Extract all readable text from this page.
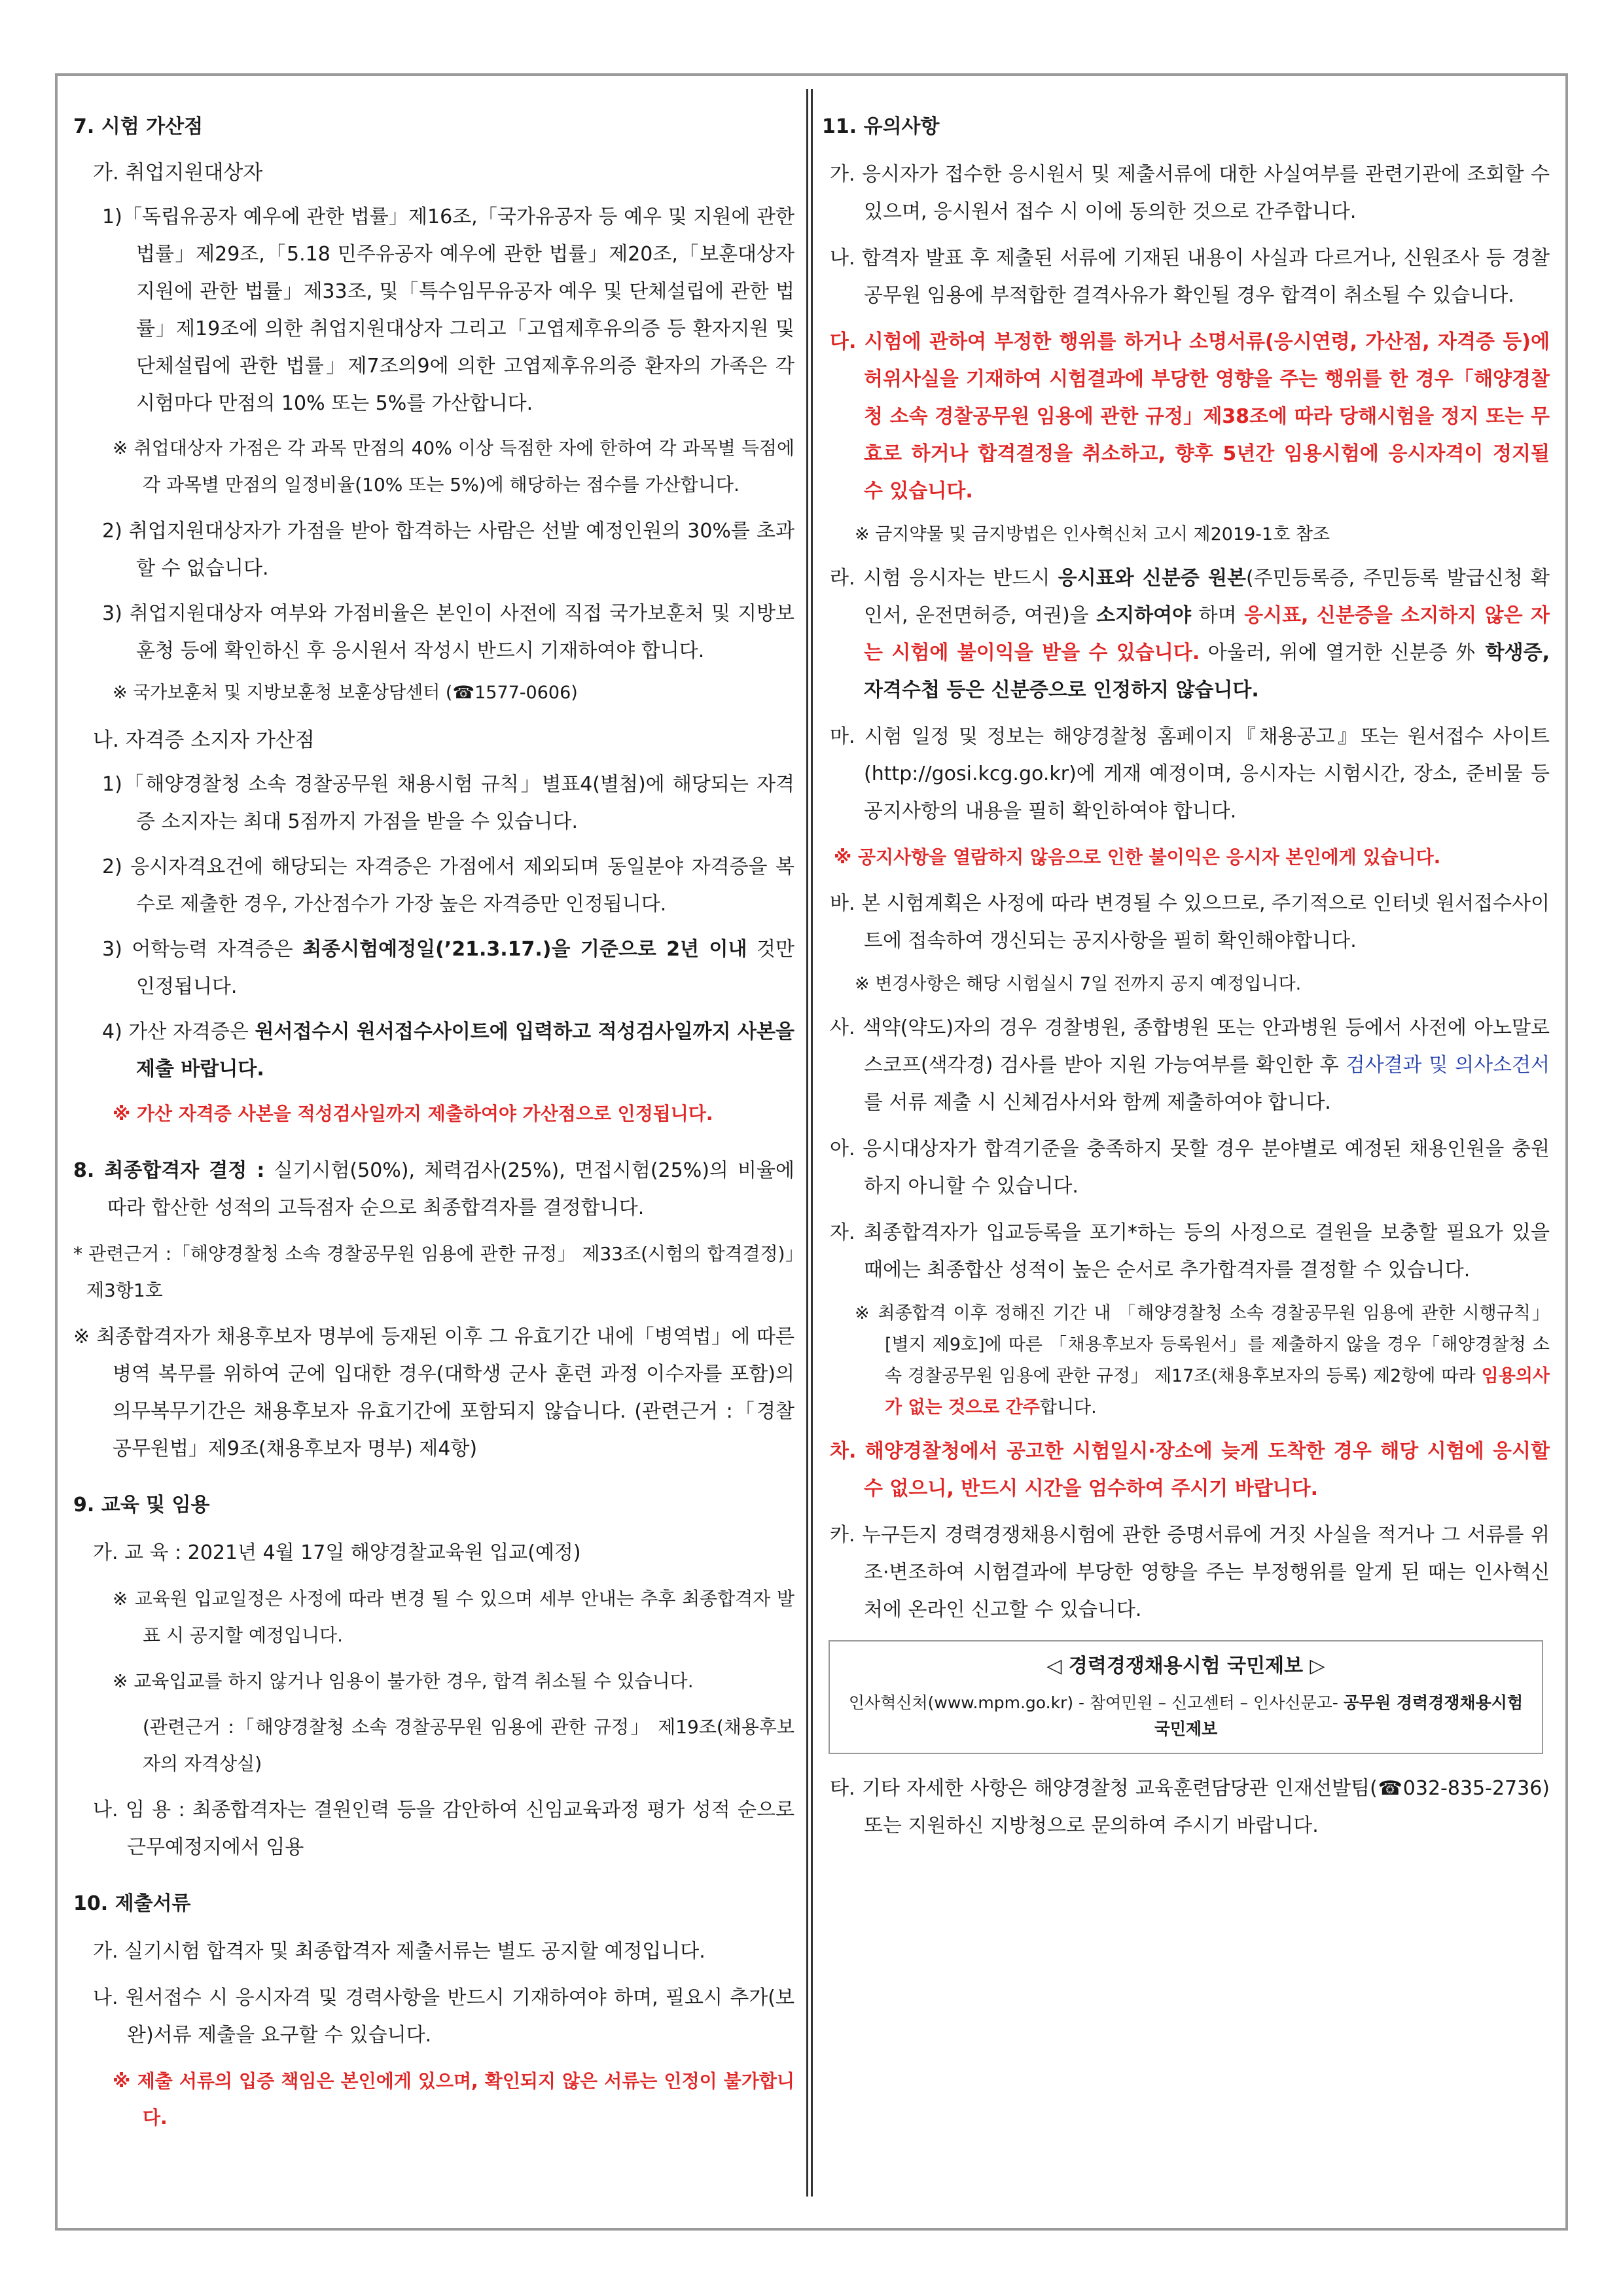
7. 시험 가산점
가. 취업지원대상자
1)「독립유공자 예우에 관한 법률」제16조,「국가유공자 등 예우 및 지원에 관한 법률」제29조,「5.18 민주유공자 예우에 관한 법률」제20조,「보훈대상자지원에 관한 법률」제33조, 및「특수임무유공자 예우 및 단체설립에 관한 법률」제19조에 의한 취업지원대상자 그리고「고엽제후유의증 등 환자지원 및 단체설립에 관한 법률」제7조의9에 의한 고엽제후유의증 환자의 가족은 각 시험마다 만점의 10% 또는 5%를 가산합니다.
※ 취업대상자 가점은 각 과목 만점의 40% 이상 득점한 자에 한하여 각 과목별 득점에 각 과목별 만점의 일정비율(10% 또는 5%)에 해당하는 점수를 가산합니다.
2) 취업지원대상자가 가점을 받아 합격하는 사람은 선발 예정인원의 30%를 초과할 수 없습니다.
3) 취업지원대상자 여부와 가점비율은 본인이 사전에 직접 국가보훈처 및 지방보훈청 등에 확인하신 후 응시원서 작성시 반드시 기재하여야 합니다.
※ 국가보훈처 및 지방보훈청 보훈상담센터 (☎1577-0606)
나. 자격증 소지자 가산점
1)「해양경찰청 소속 경찰공무원 채용시험 규칙」별표4(별첨)에 해당되는 자격증 소지자는 최대 5점까지 가점을 받을 수 있습니다.
2) 응시자격요건에 해당되는 자격증은 가점에서 제외되며 동일분야 자격증을 복수로 제출한 경우, 가산점수가 가장 높은 자격증만 인정됩니다.
3) 어학능력 자격증은 최종시험예정일(’21.3.17.)을 기준으로 2년 이내 것만 인정됩니다.
4) 가산 자격증은 원서접수시 원서접수사이트에 입력하고 적성검사일까지 사본을 제출 바랍니다.
※ 가산 자격증 사본을 적성검사일까지 제출하여야 가산점으로 인정됩니다.
8. 최종합격자 결정 : 실기시험(50%), 체력검사(25%), 면접시험(25%)의 비율에 따라 합산한 성적의 고득점자 순으로 최종합격자를 결정합니다.
* 관련근거 :「해양경찰청 소속 경찰공무원 임용에 관한 규정」 제33조(시험의 합격결정)」제3항1호
※ 최종합격자가 채용후보자 명부에 등재된 이후 그 유효기간 내에「병역법」에 따른 병역 복무를 위하여 군에 입대한 경우(대학생 군사 훈련 과정 이수자를 포함)의 의무복무기간은 채용후보자 유효기간에 포함되지 않습니다. (관련근거 :「경찰공무원법」제9조(채용후보자 명부) 제4항)
9. 교육 및 임용
가. 교 육 : 2021년 4월 17일 해양경찰교육원 입교(예정)
※ 교육원 입교일정은 사정에 따라 변경 될 수 있으며 세부 안내는 추후 최종합격자 발표 시 공지할 예정입니다.
※ 교육입교를 하지 않거나 임용이 불가한 경우, 합격 취소될 수 있습니다.
(관련근거 :「해양경찰청 소속 경찰공무원 임용에 관한 규정」 제19조(채용후보자의 자격상실)
나. 임 용 : 최종합격자는 결원인력 등을 감안하여 신임교육과정 평가 성적 순으로 근무예정지에서 임용
10. 제출서류
가. 실기시험 합격자 및 최종합격자 제출서류는 별도 공지할 예정입니다.
나. 원서접수 시 응시자격 및 경력사항을 반드시 기재하여야 하며, 필요시 추가(보완)서류 제출을 요구할 수 있습니다.
※ 제출 서류의 입증 책임은 본인에게 있으며, 확인되지 않은 서류는 인정이 불가합니다.
11. 유의사항
가. 응시자가 접수한 응시원서 및 제출서류에 대한 사실여부를 관련기관에 조회할 수 있으며, 응시원서 접수 시 이에 동의한 것으로 간주합니다.
나. 합격자 발표 후 제출된 서류에 기재된 내용이 사실과 다르거나, 신원조사 등 경찰공무원 임용에 부적합한 결격사유가 확인될 경우 합격이 취소될 수 있습니다.
다. 시험에 관하여 부정한 행위를 하거나 소명서류(응시연령, 가산점, 자격증 등)에 허위사실을 기재하여 시험결과에 부당한 영향을 주는 행위를 한 경우「해양경찰청 소속 경찰공무원 임용에 관한 규정」제38조에 따라 당해시험을 정지 또는 무효로 하거나 합격결정을 취소하고, 향후 5년간 임용시험에 응시자격이 정지될 수 있습니다.
※ 금지약물 및 금지방법은 인사혁신처 고시 제2019-1호 참조
라. 시험 응시자는 반드시 응시표와 신분증 원본(주민등록증, 주민등록 발급신청 확인서, 운전면허증, 여권)을 소지하여야 하며 응시표, 신분증을 소지하지 않은 자는 시험에 불이익을 받을 수 있습니다. 아울러, 위에 열거한 신분증 外 학생증, 자격수첩 등은 신분증으로 인정하지 않습니다.
마. 시험 일정 및 정보는 해양경찰청 홈페이지『채용공고』또는 원서접수 사이트(http://gosi.kcg.go.kr)에 게재 예정이며, 응시자는 시험시간, 장소, 준비물 등 공지사항의 내용을 필히 확인하여야 합니다.
※ 공지사항을 열람하지 않음으로 인한 불이익은 응시자 본인에게 있습니다.
바. 본 시험계획은 사정에 따라 변경될 수 있으므로, 주기적으로 인터넷 원서접수사이트에 접속하여 갱신되는 공지사항을 필히 확인해야합니다.
※ 변경사항은 해당 시험실시 7일 전까지 공지 예정입니다.
사. 색약(약도)자의 경우 경찰병원, 종합병원 또는 안과병원 등에서 사전에 아노말로스코프(색각경) 검사를 받아 지원 가능여부를 확인한 후 검사결과 및 의사소견서를 서류 제출 시 신체검사서와 함께 제출하여야 합니다.
아. 응시대상자가 합격기준을 충족하지 못할 경우 분야별로 예정된 채용인원을 충원하지 아니할 수 있습니다.
자. 최종합격자가 입교등록을 포기*하는 등의 사정으로 결원을 보충할 필요가 있을 때에는 최종합산 성적이 높은 순서로 추가합격자를 결정할 수 있습니다.
※ 최종합격 이후 정해진 기간 내 「해양경찰청 소속 경찰공무원 임용에 관한 시행규칙」[별지 제9호]에 따른 「채용후보자 등록원서」를 제출하지 않을 경우「해양경찰청 소속 경찰공무원 임용에 관한 규정」 제17조(채용후보자의 등록) 제2항에 따라 임용의사가 없는 것으로 간주합니다.
차. 해양경찰청에서 공고한 시험일시·장소에 늦게 도착한 경우 해당 시험에 응시할 수 없으니, 반드시 시간을 엄수하여 주시기 바랍니다.
카. 누구든지 경력경쟁채용시험에 관한 증명서류에 거짓 사실을 적거나 그 서류를 위조·변조하여 시험결과에 부당한 영향을 주는 부정행위를 알게 된 때는 인사혁신처에 온라인 신고할 수 있습니다.
◁ 경력경쟁채용시험 국민제보 ▷
인사혁신처(www.mpm.go.kr) - 참여민원 – 신고센터 – 인사신문고- 공무원 경력경쟁채용시험 국민제보
타. 기타 자세한 사항은 해양경찰청 교육훈련담당관 인재선발팀(☎032-835-2736) 또는 지원하신 지방청으로 문의하여 주시기 바랍니다.
